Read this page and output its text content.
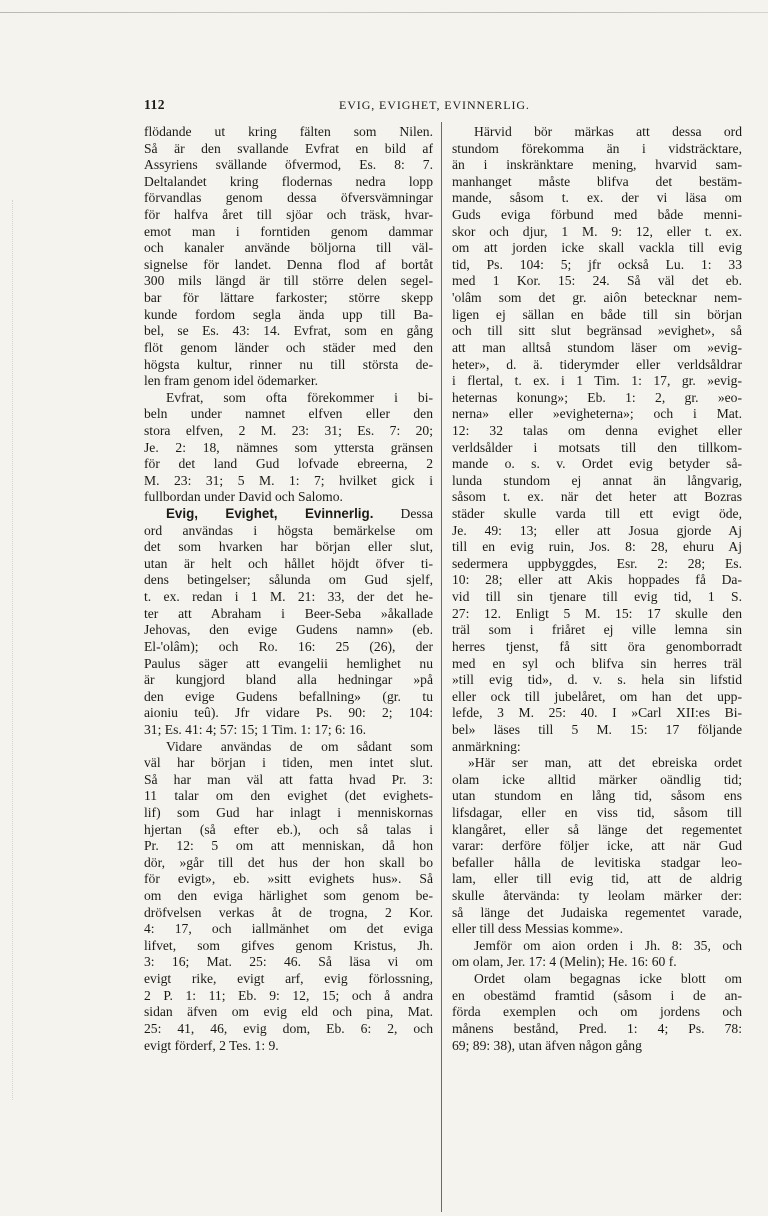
112	EVIG, EVIGHET, EVINNERLIG.
flödande ut kring fälten som Nilen.
Så är den svallande Evfrat en bild af
Assyriens svällande öfvermod, Es. 8: 7.
Deltalandet kring flodernas nedra lopp
förvandlas genom dessa öfversvämningar
för halfva året till sjöar och träsk, hvar-
emot man i forntiden genom dammar
och kanaler använde böljorna till väl-
signelse för landet. Denna flod af bortåt
300 mils längd är till större delen segel-
bar för lättare farkoster; större skepp
kunde fordom segla ända upp till Ba-
bel, se Es. 43: 14. Evfrat, som en gång
flöt genom länder och städer med den
högsta kultur, rinner nu till största de-
len fram genom idel ödemarker.
Evfrat, som ofta förekommer i bi-
beln under namnet elfven eller den
stora elfven, 2 M. 23: 31; Es. 7: 20;
Je. 2: 18, nämnes som yttersta gränsen
för det land Gud lofvade ebreerna, 2
M. 23: 31; 5 M. 1: 7; hvilket gick i
fullbordan under David och Salomo.
Evig, Evighet, Evinnerlig. Dessa
ord användas i högsta bemärkelse om
det som hvarken har början eller slut,
utan är helt och hållet höjdt öfver ti-
dens betingelser; sålunda om Gud sjelf,
t. ex. redan i 1 M. 21: 33, der det he-
ter att Abraham i Beer-Seba »åkallade
Jehovas, den evige Gudens namn» (eb.
El-'olâm); och Ro. 16: 25 (26), der
Paulus säger att evangelii hemlighet nu
är kungjord bland alla hedningar »på
den evige Gudens befallning» (gr. tu
aioniu teû). Jfr vidare Ps. 90: 2; 104:
31; Es. 41: 4; 57: 15; 1 Tim. 1: 17; 6: 16.
Vidare användas de om sådant som
väl har början i tiden, men intet slut.
Så har man väl att fatta hvad Pr. 3:
11 talar om den evighet (det evighets-
lif) som Gud har inlagt i menniskornas
hjertan (så efter eb.), och så talas i
Pr. 12: 5 om att menniskan, då hon
dör, »går till det hus der hon skall bo
för evigt», eb. »sitt evighets hus». Så
om den eviga härlighet som genom be-
dröfvelsen verkas åt de trogna, 2 Kor.
4: 17, och iallmänhet om det eviga
lifvet, som gifves genom Kristus, Jh.
3: 16; Mat. 25: 46. Så läsa vi om
evigt rike, evigt arf, evig förlossning,
2 P. 1: 11; Eb. 9: 12, 15; och å andra
sidan äfven om evig eld och pina, Mat.
25: 41, 46, evig dom, Eb. 6: 2, och
evigt förderf, 2 Tes. 1: 9.
Härvid bör märkas att dessa ord
stundom förekomma än i vidsträcktare,
än i inskränktare mening, hvarvid sam-
manhanget måste blifva det bestäm-
mande, såsom t. ex. der vi läsa om
Guds eviga förbund med både menni-
skor och djur, 1 M. 9: 12, eller t. ex.
om att jorden icke skall vackla till evig
tid, Ps. 104: 5; jfr också Lu. 1: 33
med 1 Kor. 15: 24. Så väl det eb.
'olâm som det gr. aiôn betecknar nem-
ligen ej sällan en både till sin början
och till sitt slut begränsad »evighet», så
att man alltså stundom läser om »evig-
heter», d. ä. tiderymder eller verldsåldrar
i flertal, t. ex. i 1 Tim. 1: 17, gr. »evig-
heternas konung»; Eb. 1: 2, gr. »eo-
nerna» eller »evigheterna»; och i Mat.
12: 32 talas om denna evighet eller
verldsålder i motsats till den tillkom-
mande o. s. v. Ordet evig betyder så-
lunda stundom ej annat än långvarig,
såsom t. ex. när det heter att Bozras
städer skulle varda till ett evigt öde,
Je. 49: 13; eller att Josua gjorde Aj
till en evig ruin, Jos. 8: 28, ehuru Aj
sedermera uppbyggdes, Esr. 2: 28; Es.
10: 28; eller att Akis hoppades få Da-
vid till sin tjenare till evig tid, 1 S.
27: 12. Enligt 5 M. 15: 17 skulle den
träl som i friåret ej ville lemna sin
herres tjenst, få sitt öra genomborradt
med en syl och blifva sin herres träl
»till evig tid», d. v. s. hela sin lifstid
eller ock till jubelåret, om han det upp-
lefde, 3 M. 25: 40. I »Carl XII:es Bi-
bel» läses till 5 M. 15: 17 följande
anmärkning:
»Här ser man, att det ebreiska ordet
olam icke alltid märker oändlig tid;
utan stundom en lång tid, såsom ens
lifsdagar, eller en viss tid, såsom till
klangåret, eller så länge det regementet
varar: derföre följer icke, att när Gud
befaller hålla de levitiska stadgar leo-
lam, eller till evig tid, att de aldrig
skulle återvända: ty leolam märker der:
så länge det Judaiska regementet varade,
eller till dess Messias komme».
Jemför om aion orden i Jh. 8: 35, och
om olam, Jer. 17: 4 (Melin); He. 16: 60 f.
Ordet olam begagnas icke blott om
en obestämd framtid (såsom i de an-
förda exemplen och om jordens och
månens bestånd, Pred. 1: 4; Ps. 78:
69; 89: 38), utan äfven någon gång
